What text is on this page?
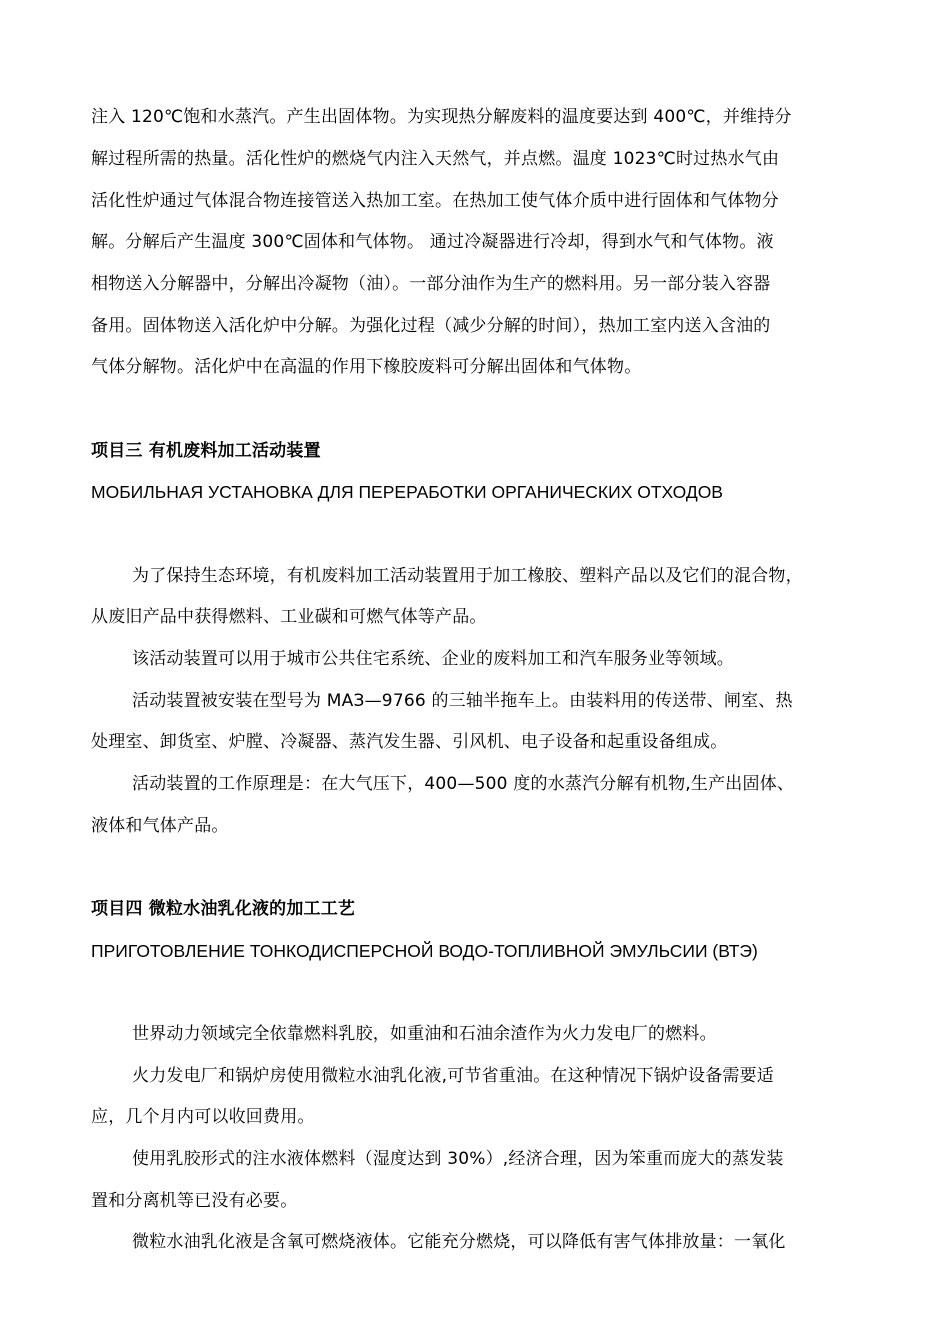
注入 120℃饱和水蒸汽。产生出固体物。为实现热分解废料的温度要达到 400℃，并维持分
解过程所需的热量。活化性炉的燃烧气内注入天然气，并点燃。温度 1023℃时过热水气由
活化性炉通过气体混合物连接管送入热加工室。在热加工使气体介质中进行固体和气体物分
解。分解后产生温度 300℃固体和气体物。 通过冷凝器进行冷却，得到水气和气体物。液
相物送入分解器中，分解出冷凝物（油）。一部分油作为生产的燃料用。另一部分装入容器
备用。固体物送入活化炉中分解。为强化过程（减少分解的时间），热加工室内送入含油的
气体分解物。活化炉中在高温的作用下橡胶废料可分解出固体和气体物。
项目三 有机废料加工活动装置
МОБИЛЬНАЯ УСТАНОВКА ДЛЯ ПЕРЕРАБОТКИ ОРГАНИЧЕСКИХ ОТХОДОВ
为了保持生态环境，有机废料加工活动装置用于加工橡胶、塑料产品以及它们的混合物，
从废旧产品中获得燃料、工业碳和可燃气体等产品。
该活动装置可以用于城市公共住宅系统、企业的废料加工和汽车服务业等领域。
活动装置被安装在型号为 МАЗ—9766 的三轴半拖车上。由装料用的传送带、闸室、热
处理室、卸货室、炉膛、冷凝器、蒸汽发生器、引风机、电子设备和起重设备组成。
活动装置的工作原理是：在大气压下，400—500 度的水蒸汽分解有机物,生产出固体、
液体和气体产品。
项目四 微粒水油乳化液的加工工艺
ПРИГОТОВЛЕНИЕ ТОНКОДИСПЕРСНОЙ ВОДО-ТОПЛИВНОЙ ЭМУЛЬСИИ (ВТЭ)
世界动力领域完全依靠燃料乳胶，如重油和石油余渣作为火力发电厂的燃料。
火力发电厂和锅炉房使用微粒水油乳化液,可节省重油。在这种情况下锅炉设备需要适
应，几个月内可以收回费用。
使用乳胶形式的注水液体燃料（湿度达到 30%）,经济合理，因为笨重而庞大的蒸发装
置和分离机等已没有必要。
微粒水油乳化液是含氧可燃烧液体。它能充分燃烧，可以降低有害气体排放量：一氧化
